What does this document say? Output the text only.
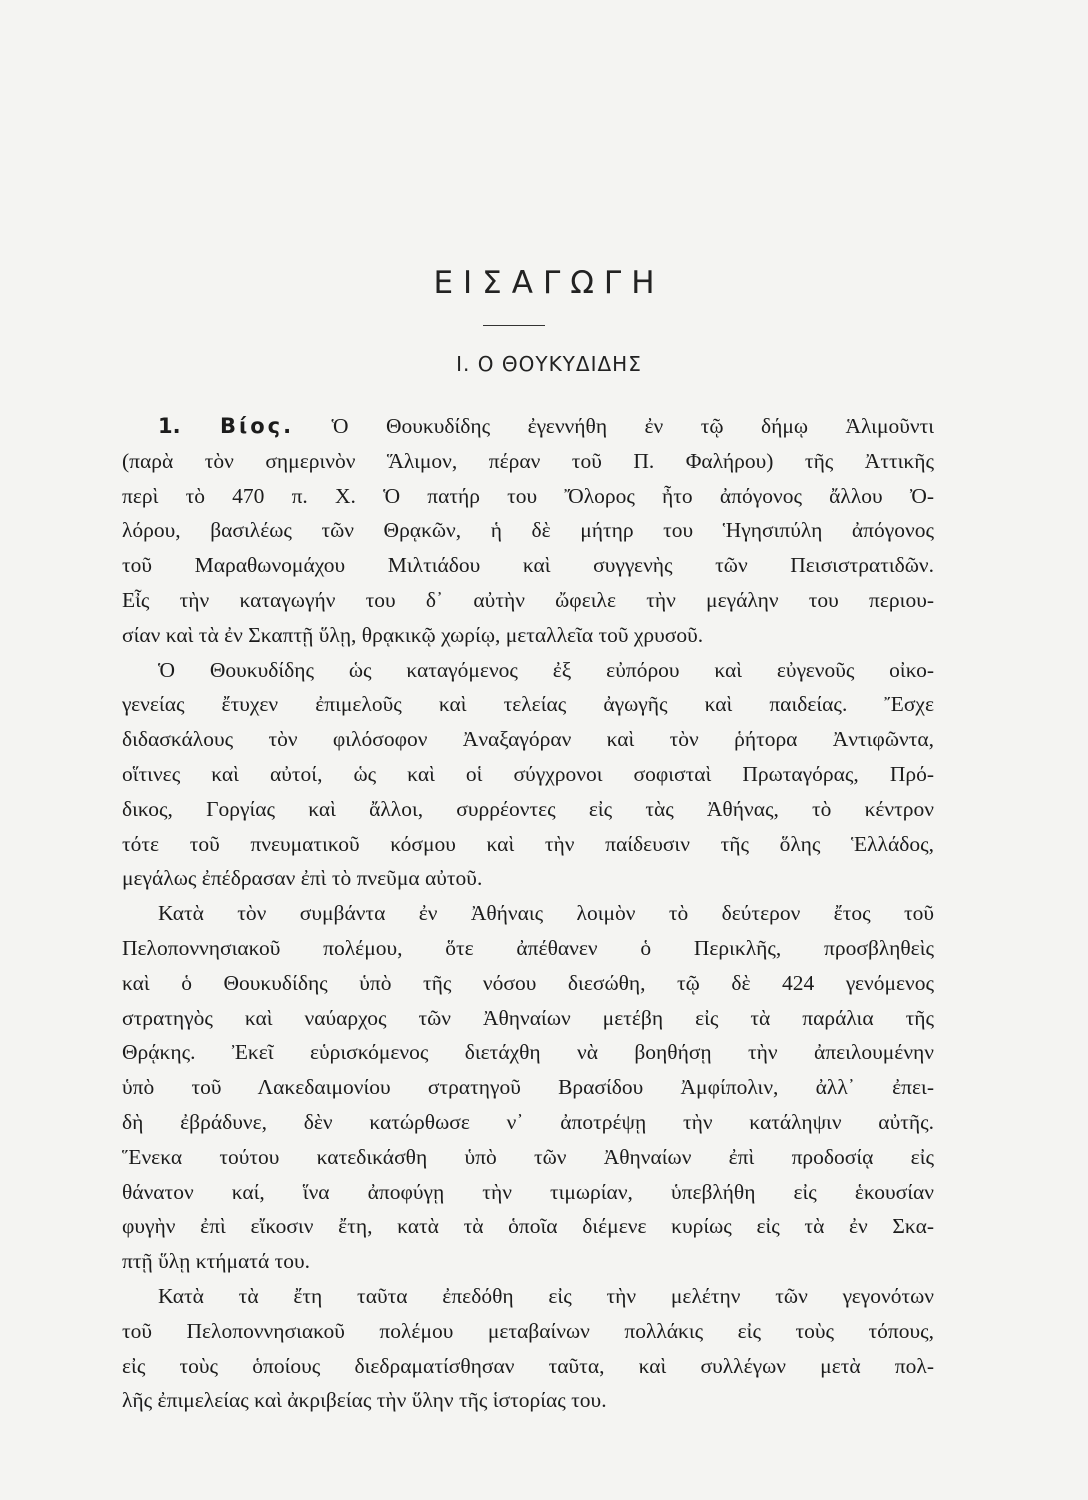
ΕΙΣΑΓΩΓΗ
I. Ο ΘΟΥΚΥΔΙΔΗΣ
1. Βίος. Ὁ Θουκυδίδης ἐγεννήθη ἐν τῷ δήμῳ Ἁλιμοῦντι
(παρὰ τὸν σημερινὸν Ἅλιμον, πέραν τοῦ Π. Φαλήρου) τῆς Ἀττικῆς
περὶ τὸ 470 π. Χ. Ὁ πατήρ του Ὄλορος ἦτο ἀπόγονος ἄλλου Ὀ-
λόρου, βασιλέως τῶν Θρᾳκῶν, ἡ δὲ μήτηρ του Ἡγησιπύλη ἀπόγονος
τοῦ Μαραθωνομάχου Μιλτιάδου καὶ συγγενὴς τῶν Πεισιστρατιδῶν.
Εἶς τὴν καταγωγήν του δ᾽ αὐτὴν ὤφειλε τὴν μεγάλην του περιου-
σίαν καὶ τὰ ἐν Σκαπτῇ ὕλῃ, θρᾳκικῷ χωρίῳ, μεταλλεῖα τοῦ χρυσοῦ.
Ὁ Θουκυδίδης ὡς καταγόμενος ἐξ εὐπόρου καὶ εὐγενοῦς οἰκο-
γενείας ἔτυχεν ἐπιμελοῦς καὶ τελείας ἀγωγῆς καὶ παιδείας. Ἔσχε
διδασκάλους τὸν φιλόσοφον Ἀναξαγόραν καὶ τὸν ῥήτορα Ἀντιφῶντα,
οἵτινες καὶ αὐτοί, ὡς καὶ οἱ σύγχρονοι σοφισταὶ Πρωταγόρας, Πρό-
δικος, Γοργίας καὶ ἄλλοι, συρρέοντες εἰς τὰς Ἀθήνας, τὸ κέντρον
τότε τοῦ πνευματικοῦ κόσμου καὶ τὴν παίδευσιν τῆς ὅλης Ἑλλάδος,
μεγάλως ἐπέδρασαν ἐπὶ τὸ πνεῦμα αὐτοῦ.
Κατὰ τὸν συμβάντα ἐν Ἀθήναις λοιμὸν τὸ δεύτερον ἔτος τοῦ
Πελοποννησιακοῦ πολέμου, ὅτε ἀπέθανεν ὁ Περικλῆς, προσβληθεὶς
καὶ ὁ Θουκυδίδης ὑπὸ τῆς νόσου διεσώθη, τῷ δὲ 424 γενόμενος
στρατηγὸς καὶ ναύαρχος τῶν Ἀθηναίων μετέβη εἰς τὰ παράλια τῆς
Θρᾴκης. Ἐκεῖ εὑρισκόμενος διετάχθη νὰ βοηθήσῃ τὴν ἀπειλουμένην
ὑπὸ τοῦ Λακεδαιμονίου στρατηγοῦ Βρασίδου Ἀμφίπολιν, ἀλλ᾽ ἐπει-
δὴ ἐβράδυνε, δὲν κατώρθωσε ν᾽ ἀποτρέψῃ τὴν κατάληψιν αὐτῆς.
Ἕνεκα τούτου κατεδικάσθη ὑπὸ τῶν Ἀθηναίων ἐπὶ προδοσίᾳ εἰς
θάνατον καί, ἵνα ἀποφύγῃ τὴν τιμωρίαν, ὑπεβλήθη εἰς ἑκουσίαν
φυγὴν ἐπὶ εἴκοσιν ἔτη, κατὰ τὰ ὁποῖα διέμενε κυρίως εἰς τὰ ἐν Σκα-
πτῇ ὕλῃ κτήματά του.
Κατὰ τὰ ἔτη ταῦτα ἐπεδόθη εἰς τὴν μελέτην τῶν γεγονότων
τοῦ Πελοποννησιακοῦ πολέμου μεταβαίνων πολλάκις εἰς τοὺς τόπους,
εἰς τοὺς ὁποίους διεδραματίσθησαν ταῦτα, καὶ συλλέγων μετὰ πολ-
λῆς ἐπιμελείας καὶ ἀκριβείας τὴν ὕλην τῆς ἱστορίας του.
